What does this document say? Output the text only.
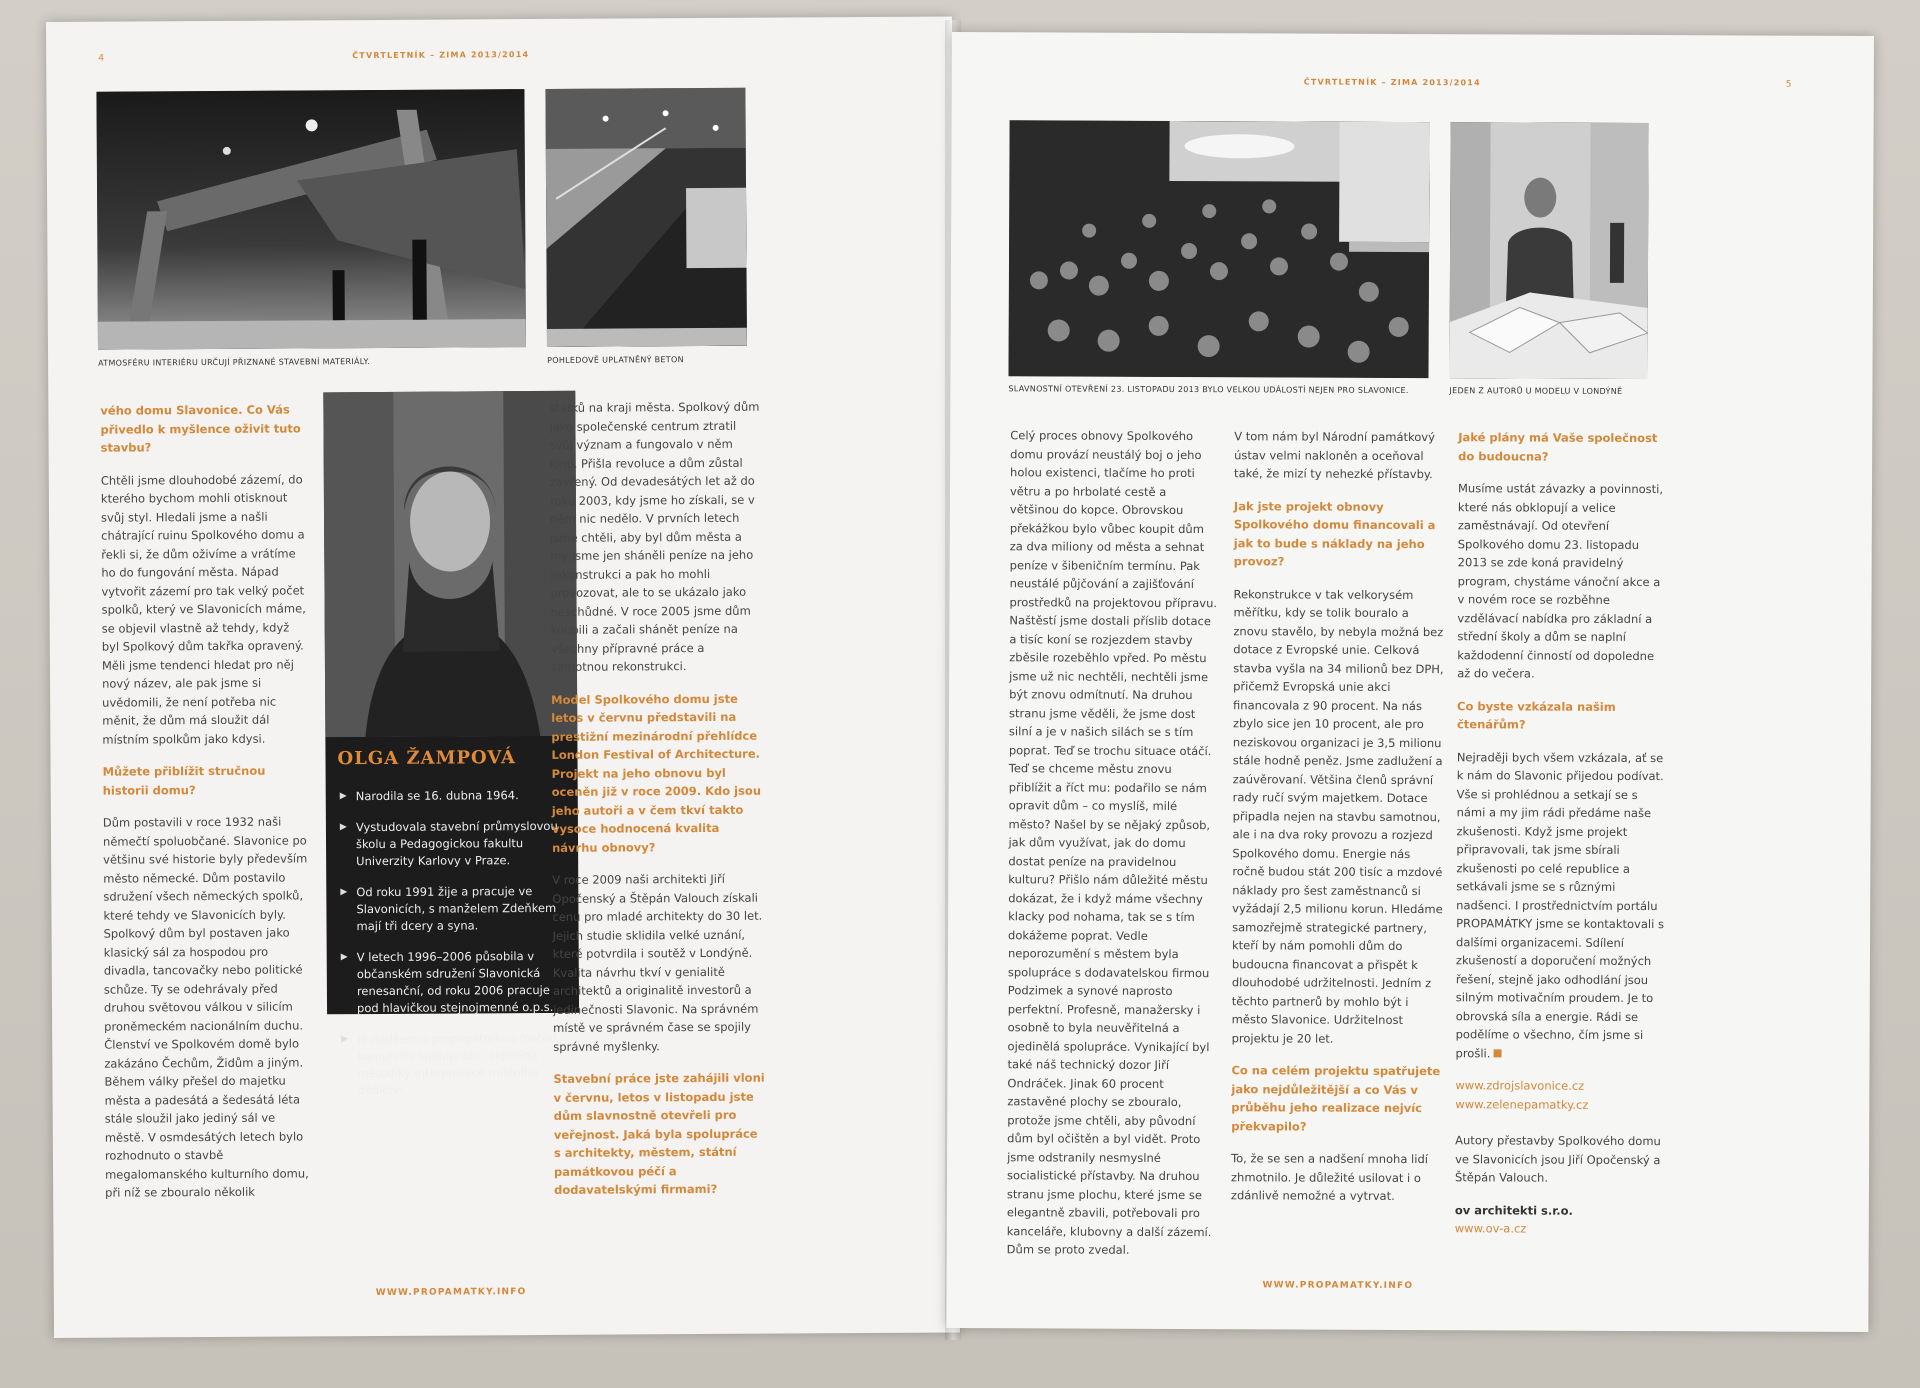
4	ČTVRTLETNÍK – ZIMA 2013/2014
ATMOSFÉRU INTERIÉRU URČUJÍ PŘIZNANÉ STAVEBNÍ MATERIÁLY.	POHLEDOVĚ UPLATNĚNÝ BETON
vého domu Slavonice. Co Vás přivedlo k myšlence oživit tuto stavbu?

Chtěli jsme dlouhodobé zázemí, do kterého bychom mohli otisknout svůj styl. Hledali jsme a našli chátrající ruinu Spolkového domu a řekli si, že dům oživíme a vrátíme ho do fungování města. Nápad vytvořit zázemí pro tak velký počet spolků, který ve Slavonicích máme, se objevil vlastně až tehdy, když byl Spolkový dům takřka opravený. Měli jsme tendenci hledat pro něj nový název, ale pak jsme si uvědomili, že není potřeba nic měnit, že dům má sloužit dál místním spolkům jako kdysi.

Můžete přiblížit stručnou historii domu?

Dům postavili v roce 1932 naši němečtí spoluobčané. Slavonice po většinu své historie byly především město německé. Dům postavilo sdružení všech německých spolků, které tehdy ve Slavonicích byly. Spolkový dům byl postaven jako klasický sál za hospodou pro divadla, tancovačky nebo politické schůze. Ty se odehrávaly před druhou světovou válkou v silicím proněmeckém nacionálním duchu. Členství ve Spolkovém domě bylo zakázáno Čechům, Židům a jiným. Během války přešel do majetku města a padesátá a šedesátá léta stále sloužil jako jediný sál ve městě. V osmdesátých letech bylo rozhodnuto o stavbě megalomanského kulturního domu, při níž se zbouralo několik

OLGA ŽAMPOVÁ
▶ Narodila se 16. dubna 1964.
▶ Vystudovala stavební průmyslovou školu a Pedagogickou fakultu Univerzity Karlovy v Praze.
▶ Od roku 1991 žije a pracuje ve Slavonicích, s manželem Zdeňkem mají tři dcery a syna.
▶ V letech 1996–2006 působila v občanském sdružení Slavonická renesanční, od roku 2006 pracuje pod hlavičkou stejnojmenné o.p.s.
▶ Je nadšenou propagátorkou metod komunitní spolupráce, zejména metodiky interpretace místního dědictví.

statků na kraji města. Spolkový dům jako společenské centrum ztratil svůj význam a fungovalo v něm kino. Přišla revoluce a dům zůstal zavřený. Od devadesátých let až do roku 2003, kdy jsme ho získali, se v něm nic nedělo. V prvních letech jsme chtěli, aby byl dům města a my jsme jen sháněli peníze na jeho rekonstrukci a pak ho mohli provozovat, ale to se ukázalo jako neschůdné. V roce 2005 jsme dům koupili a začali shánět peníze na všechny přípravné práce a samotnou rekonstrukci.

Model Spolkového domu jste letos v červnu představili na prestižní mezinárodní přehlídce London Festival of Architecture. Projekt na jeho obnovu byl oceněn již v roce 2009. Kdo jsou jeho autoři a v čem tkví takto vysoce hodnocená kvalita návrhu obnovy?

V roce 2009 naši architekti Jiří Opočenský a Štěpán Valouch získali cenu pro mladé architekty do 30 let. Jejich studie sklidila velké uznání, které potvrdila i soutěž v Londýně. Kvalita návrhu tkví v genialitě architektů a originalitě investorů a jedinečnosti Slavonic. Na správném místě ve správném čase se spojily správné myšlenky.

Stavební práce jste zahájili vloni v červnu, letos v listopadu jste dům slavnostně otevřeli pro veřejnost. Jaká byla spolupráce s architekty, městem, státní památkovou péčí a dodavatelskými firmami?
WWW.PROPAMATKY.INFO
ČTVRTLETNÍK – ZIMA 2013/2014	5
SLAVNOSTNÍ OTEVŘENÍ 23. LISTOPADU 2013 BYLO VELKOU UDÁLOSTÍ NEJEN PRO SLAVONICE.	JEDEN Z AUTORŮ U MODELU V LONDÝNĚ

Celý proces obnovy Spolkového domu provází neustálý boj o jeho holou existenci, tlačíme ho proti větru a po hrbolaté cestě a většinou do kopce. Obrovskou překážkou bylo vůbec koupit dům za dva miliony od města a sehnat peníze v šibeničním termínu. Pak neustálé půjčování a zajišťování prostředků na projektovou přípravu. Naštěstí jsme dostali příslib dotace a tisíc koní se rozjezdem stavby zběsile rozeběhlo vpřed. Po městu jsme už nic nechtěli, nechtěli jsme být znovu odmítnutí. Na druhou stranu jsme věděli, že jsme dost silní a je v našich silách se s tím poprat. Teď se trochu situace otáčí. Teď se chceme městu znovu přiblížit a říct mu: podařilo se nám opravit dům – co myslíš, milé město? Našel by se nějaký způsob, jak dům využívat, jak do domu dostat peníze na pravidelnou kulturu? Přišlo nám důležité městu dokázat, že i když máme všechny klacky pod nohama, tak se s tím dokážeme poprat. Vedle neporozumění s městem byla spolupráce s dodavatelskou firmou Podzimek a synové naprosto perfektní. Profesně, manažersky i osobně to byla neuvěřitelná a ojedinělá spolupráce. Vynikající byl také náš technický dozor Jiří Ondráček. Jinak 60 procent zastavěné plochy se zbouralo, protože jsme chtěli, aby původní dům byl očištěn a byl vidět. Proto jsme odstranily nesmyslné socialistické přístavby. Na druhou stranu jsme plochu, které jsme se elegantně zbavili, potřebovali pro kanceláře, klubovny a další zázemí. Dům se proto zvedal.

V tom nám byl Národní památkový ústav velmi nakloněn a oceňoval také, že mizí ty nehezké přístavby.

Jak jste projekt obnovy Spolkového domu financovali a jak to bude s náklady na jeho provoz?

Rekonstrukce v tak velkorysém měřítku, kdy se tolik bouralo a znovu stavělo, by nebyla možná bez dotace z Evropské unie. Celková stavba vyšla na 34 milionů bez DPH, přičemž Evropská unie akci financovala z 90 procent. Na nás zbylo sice jen 10 procent, ale pro neziskovou organizaci je 3,5 milionu stále hodně peněz. Jsme zadlužení a zaúvěrovaní. Většina členů správní rady ručí svým majetkem. Dotace připadla nejen na stavbu samotnou, ale i na dva roky provozu a rozjezd Spolkového domu. Energie nás ročně budou stát 200 tisíc a mzdové náklady pro šest zaměstnanců si vyžádají 2,5 milionu korun. Hledáme samozřejmě strategické partnery, kteří by nám pomohli dům do budoucna financovat a přispět k dlouhodobé udržitelnosti. Jedním z těchto partnerů by mohlo být i město Slavonice. Udržitelnost projektu je 20 let.

Co na celém projektu spatřujete jako nejdůležitější a co Vás v průběhu jeho realizace nejvíc překvapilo?

To, že se sen a nadšení mnoha lidí zhmotnilo. Je důležité usilovat i o zdánlivě nemožné a vytrvat.

Jaké plány má Vaše společnost do budoucna?

Musíme ustát závazky a povinnosti, které nás obklopují a velice zaměstnávají. Od otevření Spolkového domu 23. listopadu 2013 se zde koná pravidelný program, chystáme vánoční akce a v novém roce se rozběhne vzdělávací nabídka pro základní a střední školy a dům se naplní každodenní činností od dopoledne až do večera.

Co byste vzkázala našim čtenářům?

Nejraději bych všem vzkázala, ať se k nám do Slavonic přijedou podívat. Vše si prohlédnou a setkají se s námi a my jim rádi předáme naše zkušenosti. Když jsme projekt připravovali, tak jsme sbírali zkušenosti po celé republice a setkávali jsme se s různými nadšenci. I prostřednictvím portálu PROPAMÁTKY jsme se kontaktovali s dalšími organizacemi. Sdílení zkušeností a doporučení možných řešení, stejně jako odhodlání jsou silným motivačním proudem. Je to obrovská síla a energie. Rádi se podělíme o všechno, čím jsme si prošli.

www.zdrojslavonice.cz
www.zelenepamatky.cz

Autory přestavby Spolkového domu ve Slavonicích jsou Jiří Opočenský a Štěpán Valouch.

ov architekti s.r.o.
www.ov-a.cz

WWW.PROPAMATKY.INFO
